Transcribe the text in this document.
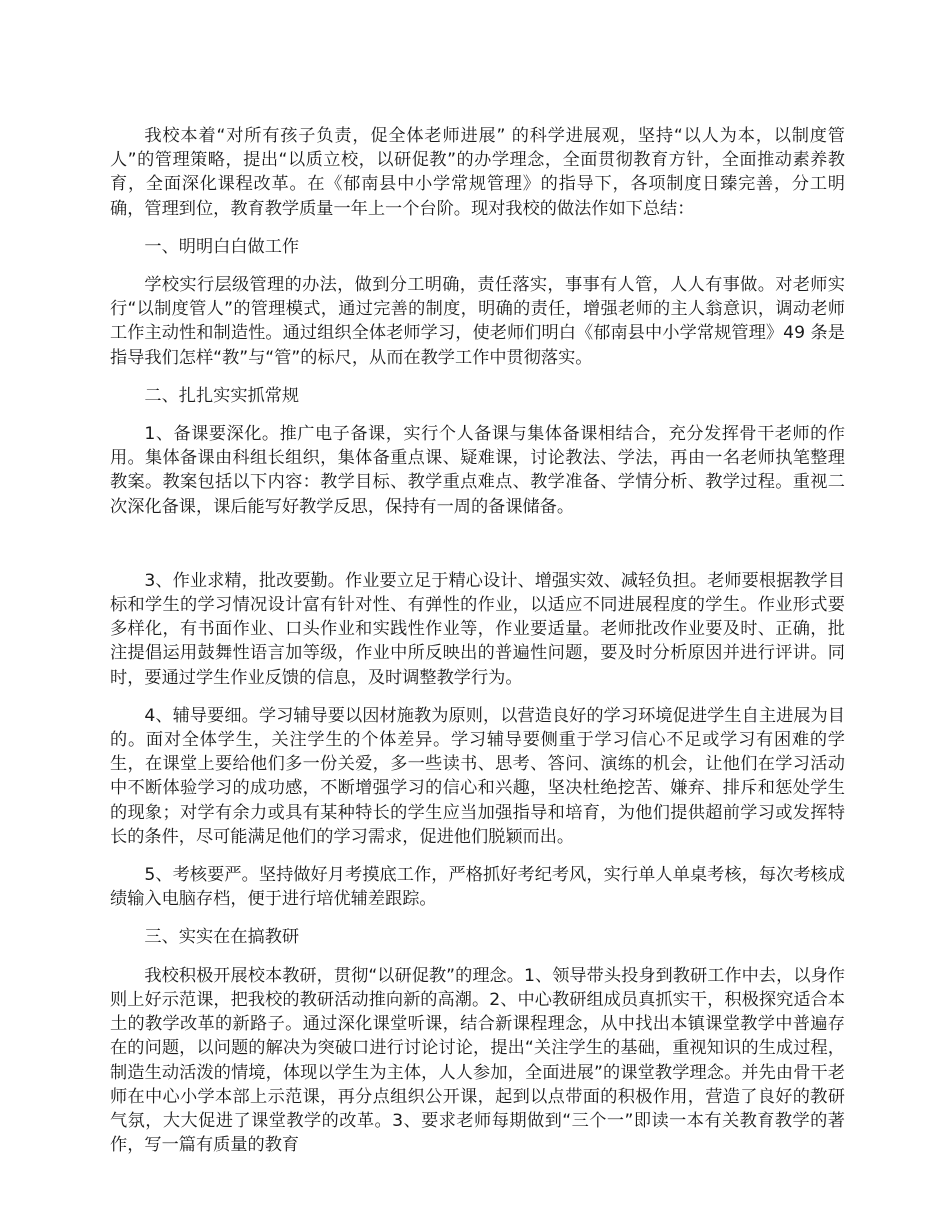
我校本着“对所有孩子负责，促全体老师进展” 的科学进展观，坚持“以人为本，以制度管人”的管理策略，提出“以质立校，以研促教”的办学理念，全面贯彻教育方针，全面推动素养教育，全面深化课程改革。在《郁南县中小学常规管理》的指导下，各项制度日臻完善，分工明确，管理到位，教育教学质量一年上一个台阶。现对我校的做法作如下总结：

一、明明白白做工作

学校实行层级管理的办法，做到分工明确，责任落实，事事有人管，人人有事做。对老师实行“以制度管人”的管理模式，通过完善的制度，明确的责任，增强老师的主人翁意识，调动老师工作主动性和制造性。通过组织全体老师学习，使老师们明白《郁南县中小学常规管理》49 条是指导我们怎样“教”与“管”的标尺，从而在教学工作中贯彻落实。

二、扎扎实实抓常规

1、备课要深化。推广电子备课，实行个人备课与集体备课相结合，充分发挥骨干老师的作用。集体备课由科组长组织，集体备重点课、疑难课，讨论教法、学法，再由一名老师执笔整理教案。教案包括以下内容：教学目标、教学重点难点、教学准备、学情分析、教学过程。重视二次深化备课，课后能写好教学反思，保持有一周的备课储备。

3、作业求精，批改要勤。作业要立足于精心设计、增强实效、减轻负担。老师要根据教学目标和学生的学习情况设计富有针对性、有弹性的作业，以适应不同进展程度的学生。作业形式要多样化，有书面作业、口头作业和实践性作业等，作业要适量。老师批改作业要及时、正确，批注提倡运用鼓舞性语言加等级，作业中所反映出的普遍性问题，要及时分析原因并进行评讲。同时，要通过学生作业反馈的信息，及时调整教学行为。

4、辅导要细。学习辅导要以因材施教为原则，以营造良好的学习环境促进学生自主进展为目的。面对全体学生，关注学生的个体差异。学习辅导要侧重于学习信心不足或学习有困难的学生，在课堂上要给他们多一份关爱，多一些读书、思考、答问、演练的机会，让他们在学习活动中不断体验学习的成功感，不断增强学习的信心和兴趣，坚决杜绝挖苦、嫌弃、排斥和惩处学生的现象；对学有余力或具有某种特长的学生应当加强指导和培育，为他们提供超前学习或发挥特长的条件，尽可能满足他们的学习需求，促进他们脱颖而出。

5、考核要严。坚持做好月考摸底工作，严格抓好考纪考风，实行单人单桌考核，每次考核成绩输入电脑存档，便于进行培优辅差跟踪。

三、实实在在搞教研

我校积极开展校本教研，贯彻“以研促教”的理念。1、领导带头投身到教研工作中去，以身作则上好示范课，把我校的教研活动推向新的高潮。2、中心教研组成员真抓实干，积极探究适合本土的教学改革的新路子。通过深化课堂听课，结合新课程理念，从中找出本镇课堂教学中普遍存在的问题，以问题的解决为突破口进行讨论讨论，提出“关注学生的基础，重视知识的生成过程，制造生动活泼的情境，体现以学生为主体，人人参加，全面进展”的课堂教学理念。并先由骨干老师在中心小学本部上示范课，再分点组织公开课，起到以点带面的积极作用，营造了良好的教研气氛，大大促进了课堂教学的改革。3、要求老师每期做到“三个一”即读一本有关教育教学的著作，写一篇有质量的教育
